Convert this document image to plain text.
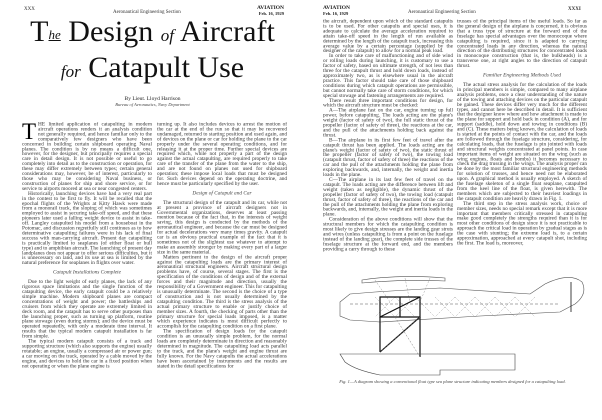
XXX
Aeronautical Engineering Section
AVIATION
Feb. 16, 1929
The Design of Aircraft
for Catapult Use
By Lieut. Lloyd Harrison
Bureau of Aeronautics, Navy Department
T HE limited application of catapulting in modern aircraft operations renders it an analysis condition not generally required, and hence familiar only to the comparatively few designers who have been concerned in building certain shipboard operating Naval planes. The condition is by no means a difficult one, however, for the designer, but principally requires a special care in detail design. It is not possible or useful to go completely into detail as to the construction or operation, for these may differ extremely between types; certain general considerations may, however, be of interest, particularly to those who may be considering Naval business, or construction of planes for ship and shore service, or for service to airports moored at sea or near congested centers.

Historically, launching devices have had a very real part in the contest to be first to fly. It will be recalled that the epochal flights of the Wrights at Kitty Hawk were made from a monorail track, the sloping of which was sometimes employed to assist in securing take-off speed, and that these pioneers later used a falling weight device to assist in take-off. Langley catapulted his model from a houseboat in the Potomac, and discussion regretfully still continues as to how determinative catapulting failures were in his lack of final success with man-carrying aircraft. Present day catapulting is practically limited to seaplanes (of either float or hull type) and to amphibian aircraft. The launching of present day landplanes does not appear to offer serious difficulties, but it is unnecessary on land, and its use at sea is limited by the natural preference for seaplanes in flights over water.

Catapult Installations Complete

Due to the light weight of early planes, the lack of any rigorous space limitations and the single function of the catapulting device, the early catapult could be a relatively simple machine. Modern shipboard planes are compact concentrations of weight and power; the battleships and cruisers from which they operate are extremely limited in deck room, and the catapult has to serve other purposes than the launching proper, such as turning up platform, routine plane stowage (even during storms); and the device must be operated repeatedly, with only a moderate time interval. It results that the typical modern catapult installation is far from simple.

The typical modern catapult consists of a track and supporting structure (which also supports the engine) usually rotatable; an engine, usually a compressed air or power gun; a car moving on the track, operated by a cable moved by the engine, and devices to hold the car in a fixed position when not operating or when the plane engine is

turning up. It also includes devices to arrest the motion of the car at the end of the run so that it may be recovered undamaged, returned to starting position and used again, and of devices on the plane or car for holding the plane to the car properly under the several operating conditions, and for releasing it at the proper time. Further special devices are required which, while not properly a part of the design against the actual catapulting, are required properly to take care of the transfer of the plane from the water to the ship, and are not found on planes not used for shipboard operation; these impose local loads that must be designed for. Such devices depend on the operating doctrine, and hence must be particularly specified by the user.

Design of Catapult and Car

The structural design of the catapult and its car, while not at present a province of aircraft designers not in Governmental organizations, deserves at least passing mention because of the fact that, in the interests of weight saving, this design is conducted by the methods of the aeronautical engineer, and because the car must be designed for actual decelerations very many times gravity. A catapult car is an obvious practical example of the fact that it is sometimes not of the slightest use whatever to attempt to make an assembly stronger by making every part of a larger size in the same material.

Matters pertinent to the design of the aircraft proper against the catapulting loads are the primary interest of aeronautical structural engineers. Aircraft structural design problems have, of course, several stages. The first is the specification of the conditions of design and of the external forces and their magnitude and direction, usually the responsibility of a Government engineer. This for catapulting is unusually determinate. The second is the choice of a type of construction and is not usually determined by the catapulting condition. The third is the stress analysis of the actual primary structure to enable or justify choice of member sizes. A fourth, the checking of parts other than the primary structure for special loads imposed, is a matter which experience indicates is most difficult perfectly to accomplish for the catapulting condition on a first plane.

The specification of design loads for the catapult condition is an unusually simple problem, for the normal loads are completely determinate in direction and reasonably determined in magnitude. The catapulting load acts parallel to the track, and the plane's weight and engine thrust are fully known. For the Navy catapults the actual accelerations have been ascertained by instruments and the results are stated in the detail specifications for

AVIATION
Feb. 16, 1929	Aeronautical Engineering Section
XXXI

the aircraft, dependent upon which of the standard catapults is to be used. For other catapults and special uses, it is adequate to calculate the average acceleration required to attain take-off speed in the length of run available as determined by the length of the catapult track, increasing this average value by a certain percentage (supplied by the designer of the catapult) to allow for a normal peak load.

In order to take care of malfunctioning and of side wind or rolling loads during launching, it is customary to use a factor of safety, based on ultimate strength, of not less than three for the catapult thrust and hold down loads, instead of approximately two, as is elsewhere usual in the aircraft practice. This factor should take care of those shipboard conditions during which catapult operations are permissible, but cannot normally take care of storm conditions, for which special stowage and fastening arrangements are required.

There result three important conditions for design, for which the aircraft structure must be checked:

A—The airplane fast on the car, engine turning up full power, before catapulting. The loads acting are the plane's weight (factor of safety of two), the full static thrust of the propeller (factor of safety of three), the reactions at the car, and the pull of the attachments holding back against the thrust.

B—The airplane in its first few feet of travel after the catapult thrust has been applied. The loads acting are the plane's weight (factor of safety of two), the static thrust of the propeller (factor of safety of two), the towing load (catapult thrust, factor of safety of three) the reactions of the car and the pull of the attachments holding the plane from exploring backwards, and, internally, the weight and inertia loads in the plane.

C—The airplane in its last few feet of travel on the catapult. The loads acting are the difference between lift and weight (taken as negligible), the dynamic thrust of the propeller (factor of safety of two), the towing load (catapult thrust, factor of safety of three), the reactions of the car and the pull of the attachments holding the plane from exploring backwards, and, internally, the weight and inertia loads in the plane.

Consideration of the above conditions will show that the structural members for which the catapulting condition is most likely to give design stresses are the landing gear struts and wires (unless catapulting is from a point on the fuselage instead of the landing gear), the complete side trusses of the fuselage structure at the forward end, and the members providing a carry through to these

trusses of the principal items of the useful loads. So far as the general design of the airplane is concerned, it is obvious that a truss type of structure at the forward end of the fuselage has special advantages over the monocoque where catapulting is required, since it is adapted to carrying concentrated loads in any direction, whereas the natural direction of the distributing structures for concentrated loads in monocoque construction (that is, the bulkheads) is a transverse one, at right angles to the direction of catapult thrust.

Familiar Engineering Methods Used

The actual stress analysis for the calculation of the loads in principal members is simple, compared to many airplane analysis problems, once a clear understanding of the nature of the towing and attaching devices on the particular catapult be gained. These devices differ very much for the different types, and cannot here be described in detail. It is sufficient that the designer know where and how attachment is made to the plane for support and hold back in condition (A), and for support (saddle), hold down and towing in conditions (B) and (C). These matters being known, the calculation of loads is started at the points of contact with the car, and the loads are followed through the fuselage structure, considering, for calculating loads, that the fuselage is pin jointed with loads and structural weights concentrated at panel points. In case important items of weight are situated on the wing (such as wing engines, floats and bombs) it becomes necessary to check the drag trussing in the wings. The analysis proper can be done by the most familiar structural engineering methods for solution of trusses, and hence need not be elaborated upon. A graphical method is usually employed. A sketch of the fuselage skeleton of a single float seaplane, catapulted from the keel line of the float, is given herewith. The members which are subjected to their heaviest loadings in the catapult condition are heavily drawn in Fig. 1.

The third step in the stress analysis work, choice of member sizes, needs no special remark except that it is more important that members critically stressed in catapulting make good completely the strengths required than it is for most other conditions of design since it is not practicable to approach the critical load in operation by gradual stages as is the case with stunting; the extreme load is, to a certain approximation, approached at every catapult shot, including the first. The load is, moreover,

Fig. 1—A diagram showing a conventional float type sea plane structure indicating members designed for a catapulting load.
